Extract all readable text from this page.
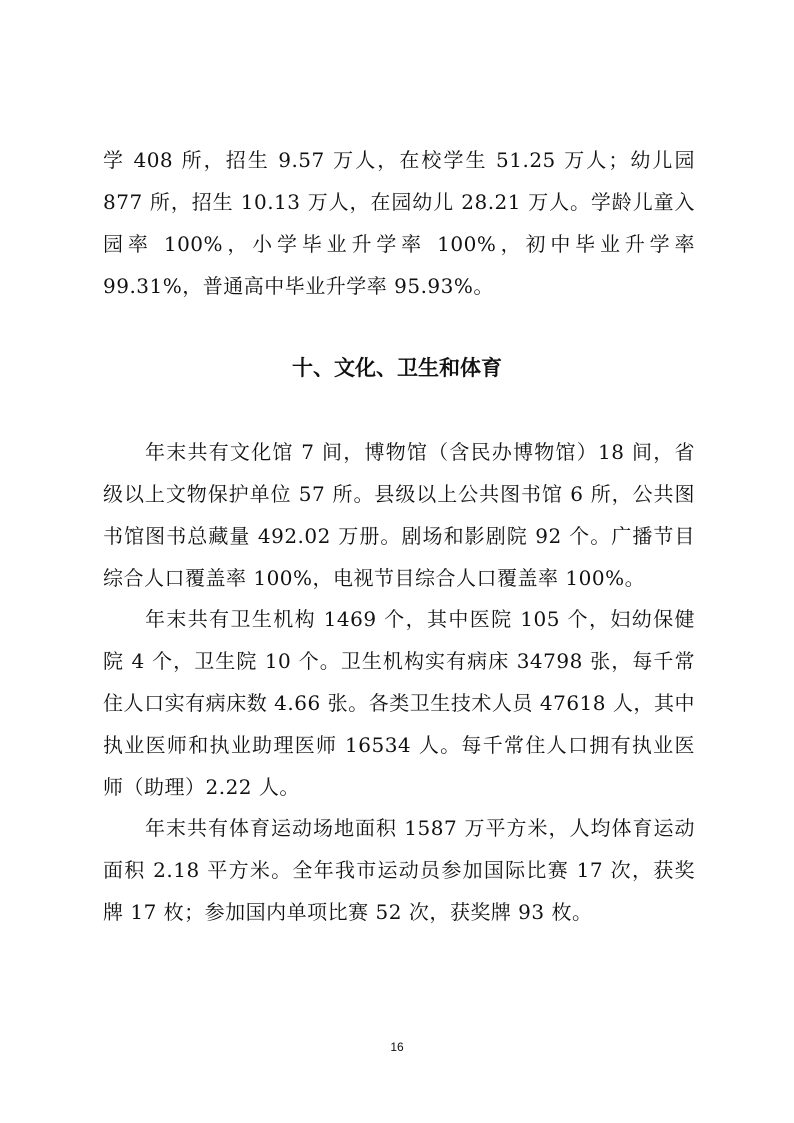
学 408 所，招生 9.57 万人，在校学生 51.25 万人；幼儿园 877 所，招生 10.13 万人，在园幼儿 28.21 万人。学龄儿童入园率 100%，小学毕业升学率 100%，初中毕业升学率 99.31%，普通高中毕业升学率 95.93%。

十、文化、卫生和体育

年末共有文化馆 7 间，博物馆（含民办博物馆）18 间，省级以上文物保护单位 57 所。县级以上公共图书馆 6 所，公共图书馆图书总藏量 492.02 万册。剧场和影剧院 92 个。广播节目综合人口覆盖率 100%，电视节目综合人口覆盖率 100%。

年末共有卫生机构 1469 个，其中医院 105 个，妇幼保健院 4 个，卫生院 10 个。卫生机构实有病床 34798 张，每千常住人口实有病床数 4.66 张。各类卫生技术人员 47618 人，其中执业医师和执业助理医师 16534 人。每千常住人口拥有执业医师（助理）2.22 人。

年末共有体育运动场地面积 1587 万平方米，人均体育运动面积 2.18 平方米。全年我市运动员参加国际比赛 17 次，获奖牌 17 枚；参加国内单项比赛 52 次，获奖牌 93 枚。

16
